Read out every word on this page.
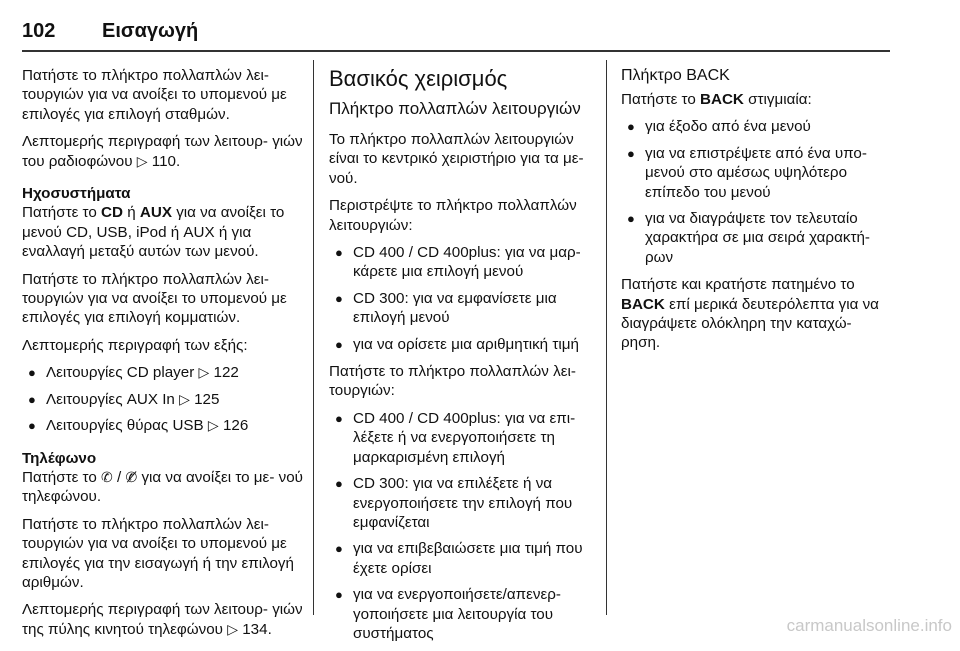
102 Εισαγωγή

Πατήστε το πλήκτρο πολλαπλών λει- τουργιών για να ανοίξει το υπομενού με επιλογές για επιλογή σταθμών.

Λεπτομερής περιγραφή των λειτουρ- γιών του ραδιοφώνου ▷ 110.

Ηχοσυστήματα

Πατήστε το CD ή AUX για να ανοίξει το μενού CD, USB, iPod ή AUX ή για εναλλαγή μεταξύ αυτών των μενού.

Πατήστε το πλήκτρο πολλαπλών λει- τουργιών για να ανοίξει το υπομενού με επιλογές για επιλογή κομματιών.

Λεπτομερής περιγραφή των εξής:

● Λειτουργίες CD player ▷ 122
● Λειτουργίες AUX In ▷ 125
● Λειτουργίες θύρας USB ▷ 126

Τηλέφωνο

Πατήστε το ✆ / ✆̸ για να ανοίξει το με- νού τηλεφώνου.

Πατήστε το πλήκτρο πολλαπλών λει- τουργιών για να ανοίξει το υπομενού με επιλογές για την εισαγωγή ή την επιλογή αριθμών.

Λεπτομερής περιγραφή των λειτουρ- γιών της πύλης κινητού τηλεφώνου ▷ 134.

Βασικός χειρισμός

Πλήκτρο πολλαπλών λειτουργιών

Το πλήκτρο πολλαπλών λειτουργιών είναι το κεντρικό χειριστήριο για τα με- νού.

Περιστρέψτε το πλήκτρο πολλαπλών λειτουργιών:

● CD 400 / CD 400plus: για να μαρ- κάρετε μια επιλογή μενού
● CD 300: για να εμφανίσετε μια επιλογή μενού
● για να ορίσετε μια αριθμητική τιμή

Πατήστε το πλήκτρο πολλαπλών λει- τουργιών:

● CD 400 / CD 400plus: για να επι- λέξετε ή να ενεργοποιήσετε τη μαρκαρισμένη επιλογή
● CD 300: για να επιλέξετε ή να ενεργοποιήσετε την επιλογή που εμφανίζεται
● για να επιβεβαιώσετε μια τιμή που έχετε ορίσει
● για να ενεργοποιήσετε/απενερ- γοποιήσετε μια λειτουργία του συστήματος

Πλήκτρο BACK

Πατήστε το BACK στιγμιαία:

● για έξοδο από ένα μενού
● για να επιστρέψετε από ένα υπο- μενού στο αμέσως υψηλότερο επίπεδο του μενού
● για να διαγράψετε τον τελευταίο χαρακτήρα σε μια σειρά χαρακτή- ρων

Πατήστε και κρατήστε πατημένο το BACK επί μερικά δευτερόλεπτα για να διαγράψετε ολόκληρη την καταχώ- ρηση.

carmanualsonline.info
